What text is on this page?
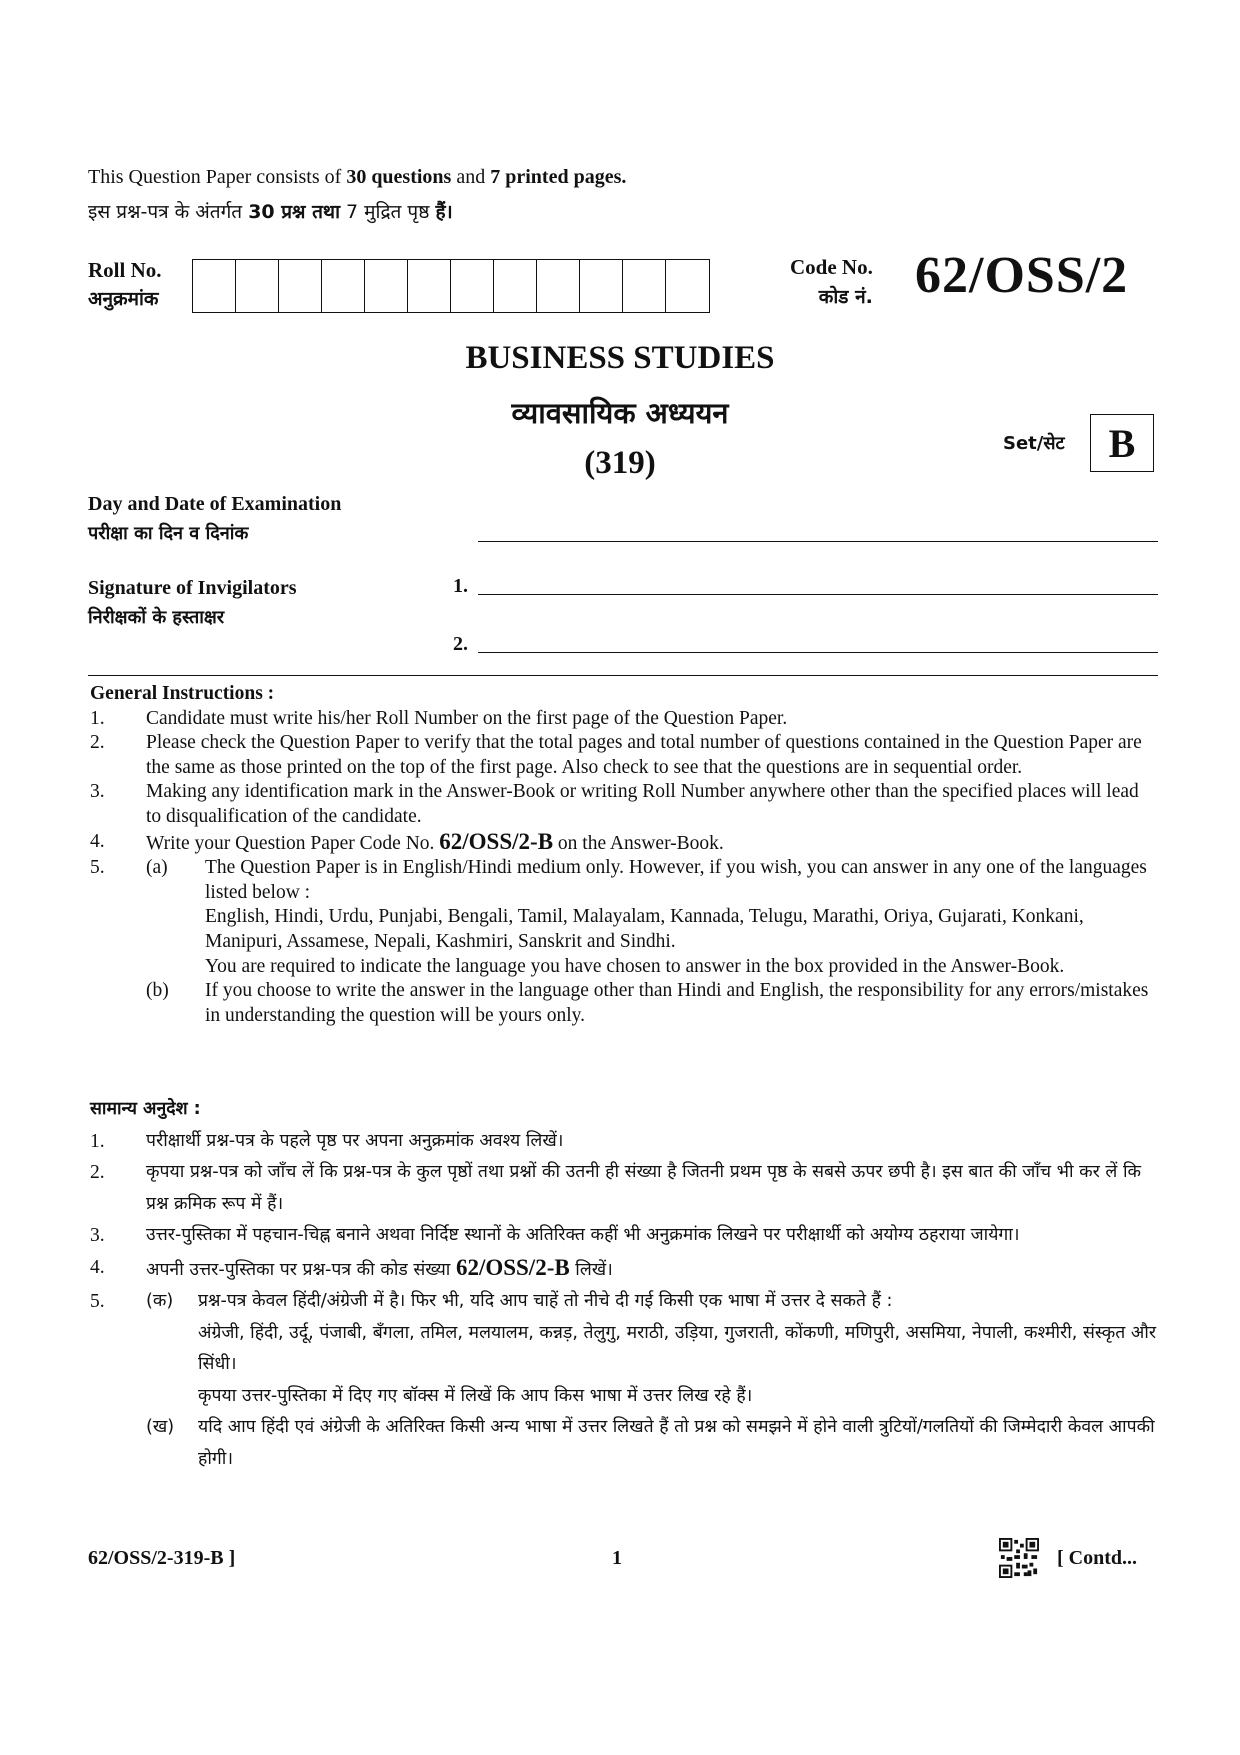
This Question Paper consists of 30 questions and 7 printed pages.
इस प्रश्न-पत्र के अंतर्गत 30 प्रश्न तथा 7 मुद्रित पृष्ठ हैं।
Roll No.
अनुक्रमांक
Code No.
कोड नं. 62/OSS/2
BUSINESS STUDIES
व्यावसायिक अध्ययन
(319)
Set/सेट	B
Day and Date of Examination
परीक्षा का दिन व दिनांक
Signature of Invigilators
निरीक्षकों के हस्ताक्षर
1.
2.
General Instructions :
1.	Candidate must write his/her Roll Number on the first page of the Question Paper.
2.	Please check the Question Paper to verify that the total pages and total number of questions contained in the Question Paper are the same as those printed on the top of the first page. Also check to see that the questions are in sequential order.
3.	Making any identification mark in the Answer-Book or writing Roll Number anywhere other than the specified places will lead to disqualification of the candidate.
4.	Write your Question Paper Code No. 62/OSS/2-B on the Answer-Book.
5.	(a)	The Question Paper is in English/Hindi medium only. However, if you wish, you can answer in any one of the languages listed below :
English, Hindi, Urdu, Punjabi, Bengali, Tamil, Malayalam, Kannada, Telugu, Marathi, Oriya, Gujarati, Konkani, Manipuri, Assamese, Nepali, Kashmiri, Sanskrit and Sindhi.
You are required to indicate the language you have chosen to answer in the box provided in the Answer-Book.
(b)	If you choose to write the answer in the language other than Hindi and English, the responsibility for any errors/mistakes in understanding the question will be yours only.
सामान्य अनुदेश :
1.	परीक्षार्थी प्रश्न-पत्र के पहले पृष्ठ पर अपना अनुक्रमांक अवश्य लिखें।
2.	कृपया प्रश्न-पत्र को जाँच लें कि प्रश्न-पत्र के कुल पृष्ठों तथा प्रश्नों की उतनी ही संख्या है जितनी प्रथम पृष्ठ के सबसे ऊपर छपी है। इस बात की जाँच भी कर लें कि प्रश्न क्रमिक रूप में हैं।
3.	उत्तर-पुस्तिका में पहचान-चिह्न बनाने अथवा निर्दिष्ट स्थानों के अतिरिक्त कहीं भी अनुक्रमांक लिखने पर परीक्षार्थी को अयोग्य ठहराया जायेगा।
4.	अपनी उत्तर-पुस्तिका पर प्रश्न-पत्र की कोड संख्या 62/OSS/2-B लिखें।
5.	(क)	प्रश्न-पत्र केवल हिंदी/अंग्रेजी में है। फिर भी, यदि आप चाहें तो नीचे दी गई किसी एक भाषा में उत्तर दे सकते हैं :
अंग्रेजी, हिंदी, उर्दू, पंजाबी, बँगला, तमिल, मलयालम, कन्नड़, तेलुगु, मराठी, उड़िया, गुजराती, कोंकणी, मणिपुरी, असमिया, नेपाली, कश्मीरी, संस्कृत और सिंधी।
कृपया उत्तर-पुस्तिका में दिए गए बॉक्स में लिखें कि आप किस भाषा में उत्तर लिख रहे हैं।
(ख)	यदि आप हिंदी एवं अंग्रेजी के अतिरिक्त किसी अन्य भाषा में उत्तर लिखते हैं तो प्रश्न को समझने में होने वाली त्रुटियों/गलतियों की जिम्मेदारी केवल आपकी होगी।
62/OSS/2-319-B ]	1	[ Contd...
